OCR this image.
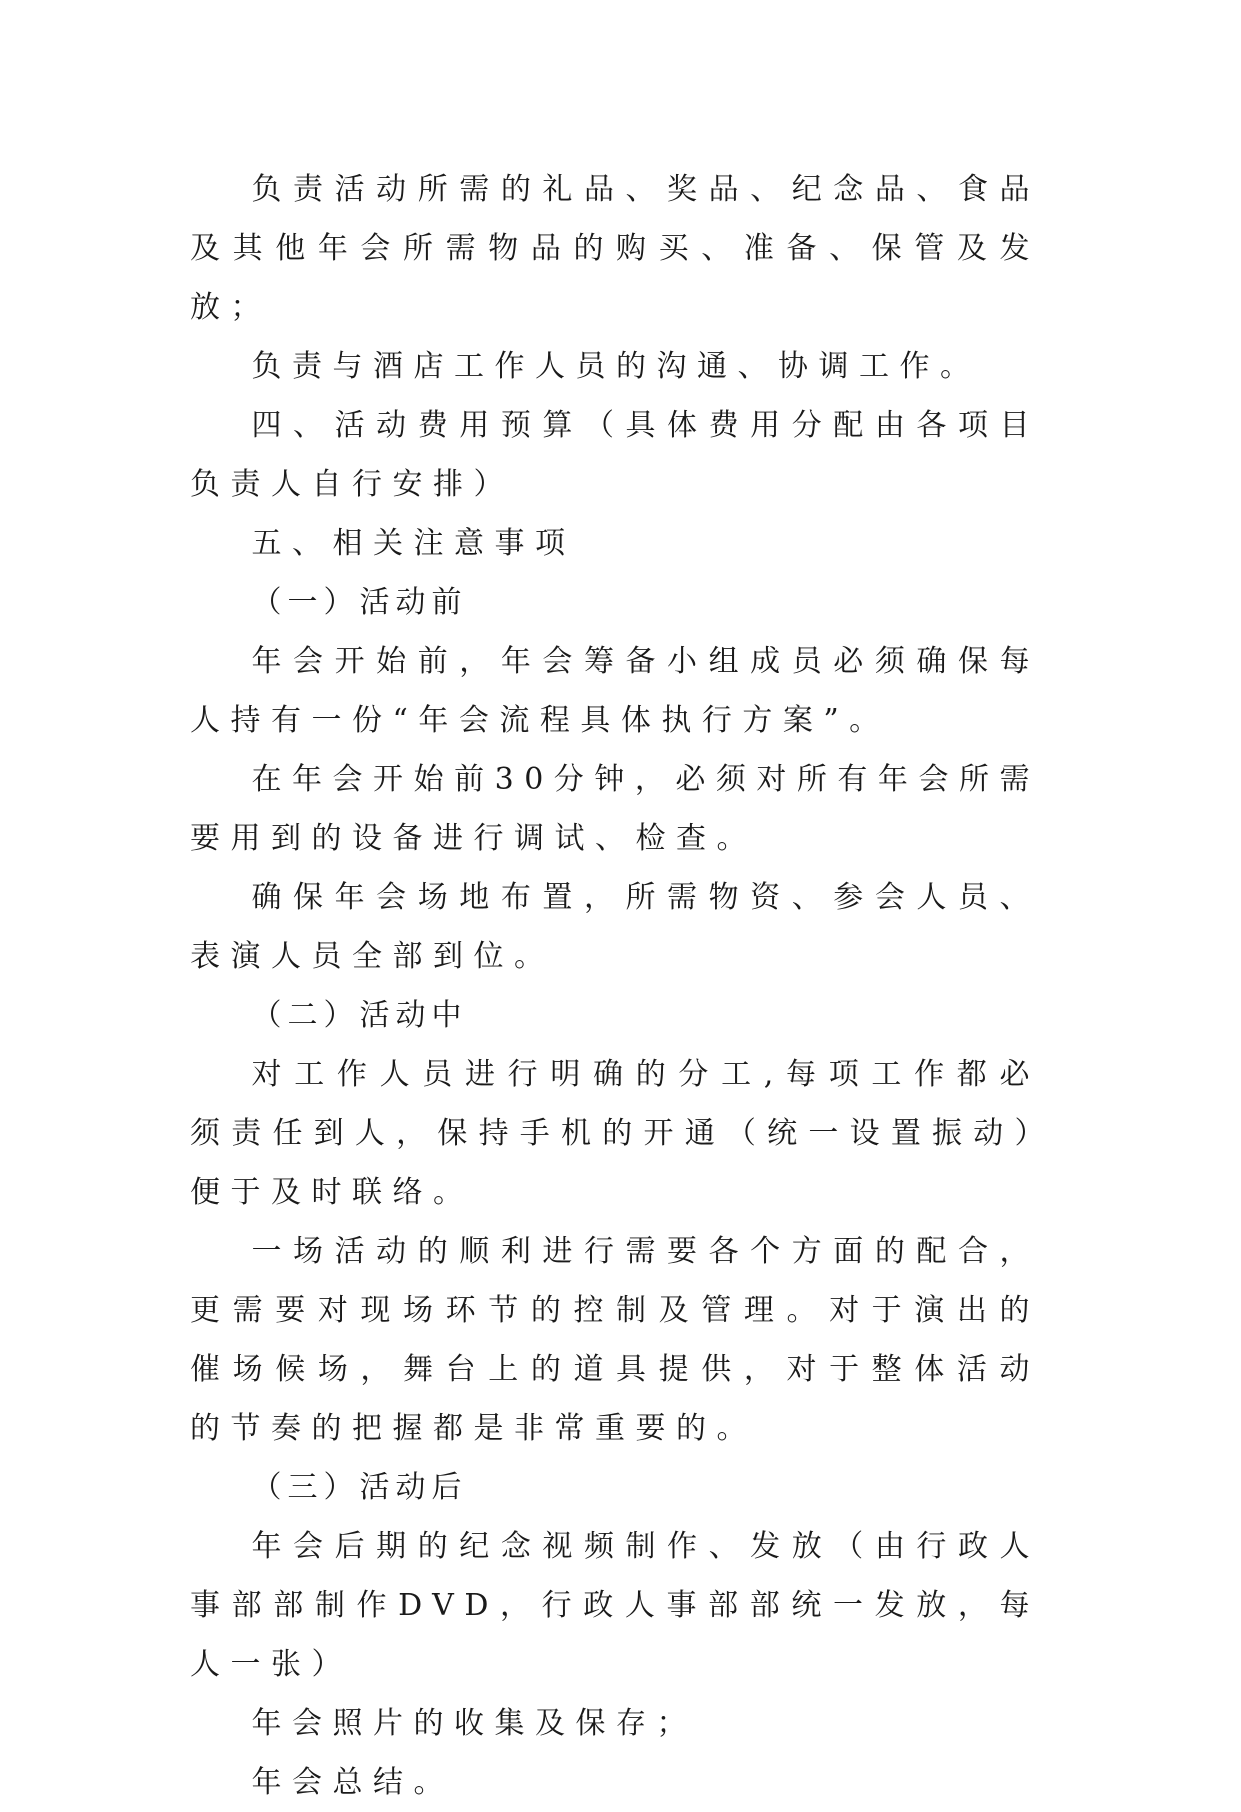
负责活动所需的礼品、奖品、纪念品、食品及其他年会所需物品的购买、准备、保管及发放；

负责与酒店工作人员的沟通、协调工作。

四、活动费用预算（具体费用分配由各项目负责人自行安排）

五、相关注意事项

（一）活动前

年会开始前，年会筹备小组成员必须确保每人持有一份“年会流程具体执行方案”。

在年会开始前30分钟，必须对所有年会所需要用到的设备进行调试、检查。

确保年会场地布置，所需物资、参会人员、表演人员全部到位。

（二）活动中

对工作人员进行明确的分工,每项工作都必须责任到人，保持手机的开通（统一设置振动）便于及时联络。

一场活动的顺利进行需要各个方面的配合，更需要对现场环节的控制及管理。对于演出的催场候场，舞台上的道具提供，对于整体活动的节奏的把握都是非常重要的。

（三）活动后

年会后期的纪念视频制作、发放（由行政人事部部制作DVD，行政人事部部统一发放，每人一张）

年会照片的收集及保存；

年会总结。
